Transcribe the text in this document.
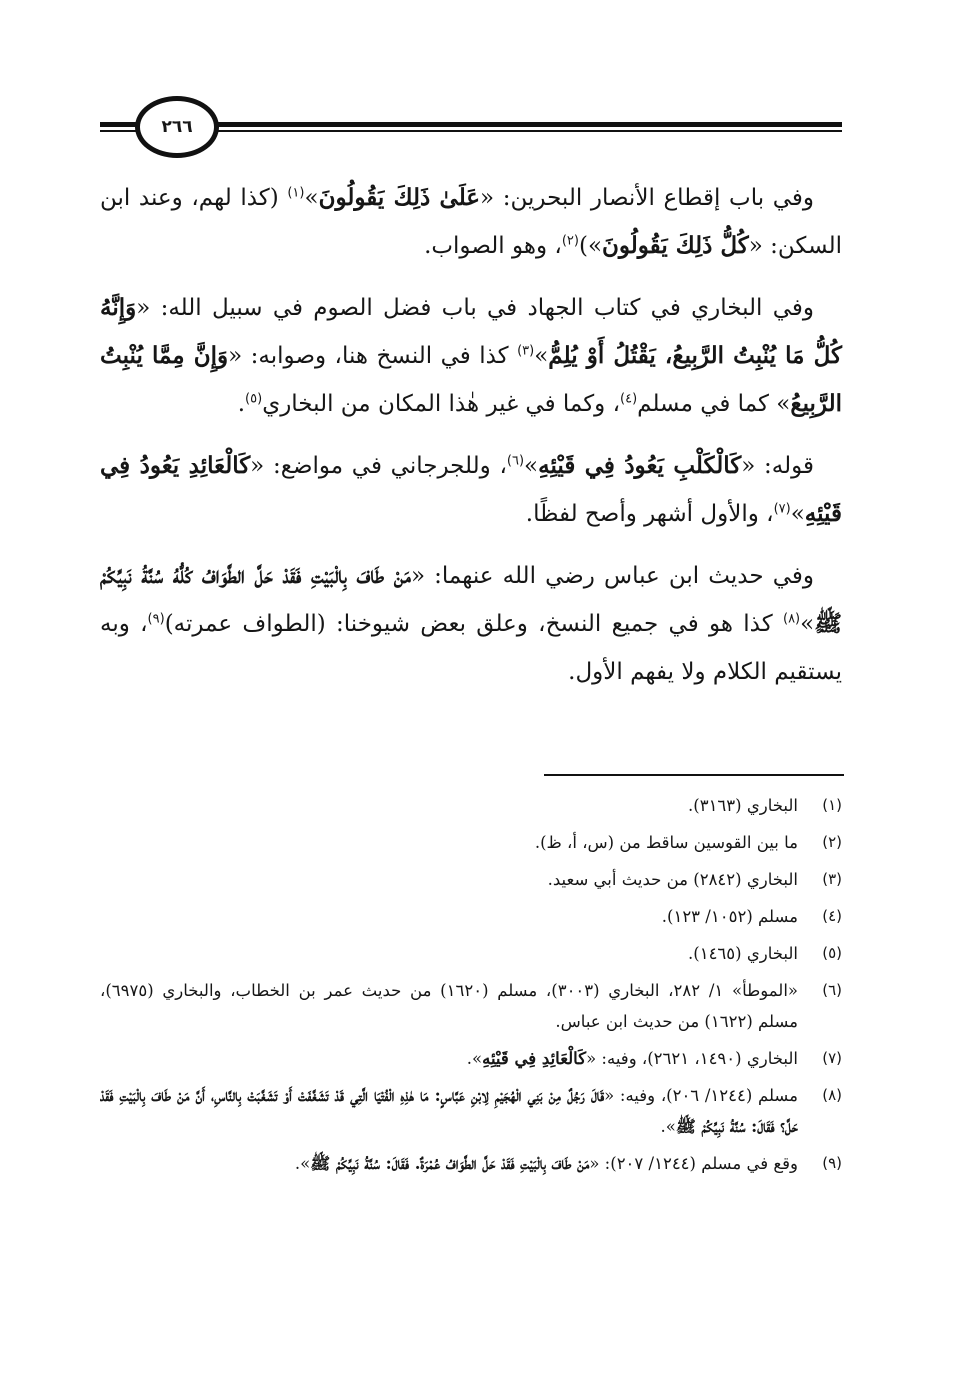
٢٦٦

وفي باب إقطاع الأنصار البحرين: «عَلَىٰ ذَلِكَ يَقُولُونَ»$^{(١)}$ (كذا لهم، وعند ابن السكن: «كُلُّ ذَلِكَ يَقُولُونَ»)$^{(٢)}$، وهو الصواب.

وفي البخاري في كتاب الجهاد في باب فضل الصوم في سبيل الله: «وَإِنَّهُ كُلُّ مَا يُنْبِتُ الرَّبِيعُ، يَقْتُلُ أَوْ يُلِمُّ»$^{(٣)}$ كذا في النسخ هنا، وصوابه: «وَإِنَّ مِمَّا يُنْبِتُ الرَّبِيعُ» كما في مسلم$^{(٤)}$، وكما في غير هٰذا المكان من البخاري$^{(٥)}$.

قوله: «كَالْكَلْبِ يَعُودُ فِي قَيْئِهِ»$^{(٦)}$، وللجرجاني في مواضع: «كَالْعَائِدِ يَعُودُ فِي قَيْئِهِ»$^{(٧)}$، والأول أشهر وأصح لفظًا.

وفي حديث ابن عباس رضي الله عنهما: «مَنْ طَافَ بِالْبَيْتِ فَقَدْ حَلَّ الطَّوَافُ كُلُّهُ سُنَّةُ نَبِيِّكُمْ ﷺ»$^{(٨)}$ كذا هو في جميع النسخ، وعلق بعض شيوخنا: (الطواف عمرته)$^{(٩)}$، وبه يستقيم الكلام ولا يفهم الأول.

(١)
البخاري (٣١٦٣).
(٢)
ما بين القوسين ساقط من (س، أ، ظ).
(٣)
البخاري (٢٨٤٢) من حديث أبي سعيد.
(٤)
مسلم (١٠٥٢/ ١٢٣).
(٥)
البخاري (١٤٦٥).
(٦)
«الموطأ» ١/ ٢٨٢، البخاري (٣٠٠٣)، مسلم (١٦٢٠) من حديث عمر بن الخطاب، والبخاري (٦٩٧٥)، مسلم (١٦٢٢) من حديث ابن عباس.
(٧)
البخاري (١٤٩٠، ٢٦٢١)، وفيه: «كَالْعَائِدِ فِي قَيْئِهِ».
(٨)
مسلم (١٢٤٤/ ٢٠٦)، وفيه: «قَالَ رَجُلٌ مِنْ بَنِي الْهُجَيْمِ لِابْنِ عَبَّاسٍ: مَا هٰذِهِ الْفُتْيَا الَّتِي قَدْ تَشَغَّفَتْ أَوْ تَشَغَّبَتْ بِالنَّاسِ، أَنَّ مَنْ طَافَ بِالْبَيْتِ فَقَدْ حَلَّ؟ فَقَالَ: سُنَّةُ نَبِيِّكُمْ ﷺ».
(٩)
وقع في مسلم (١٢٤٤/ ٢٠٧): «مَنْ طَافَ بِالْبَيْتِ فَقَدْ حَلَّ الطَّوَافُ عُمْرَةٌ. فَقَالَ: سُنَّةُ نَبِيِّكُمْ ﷺ».
